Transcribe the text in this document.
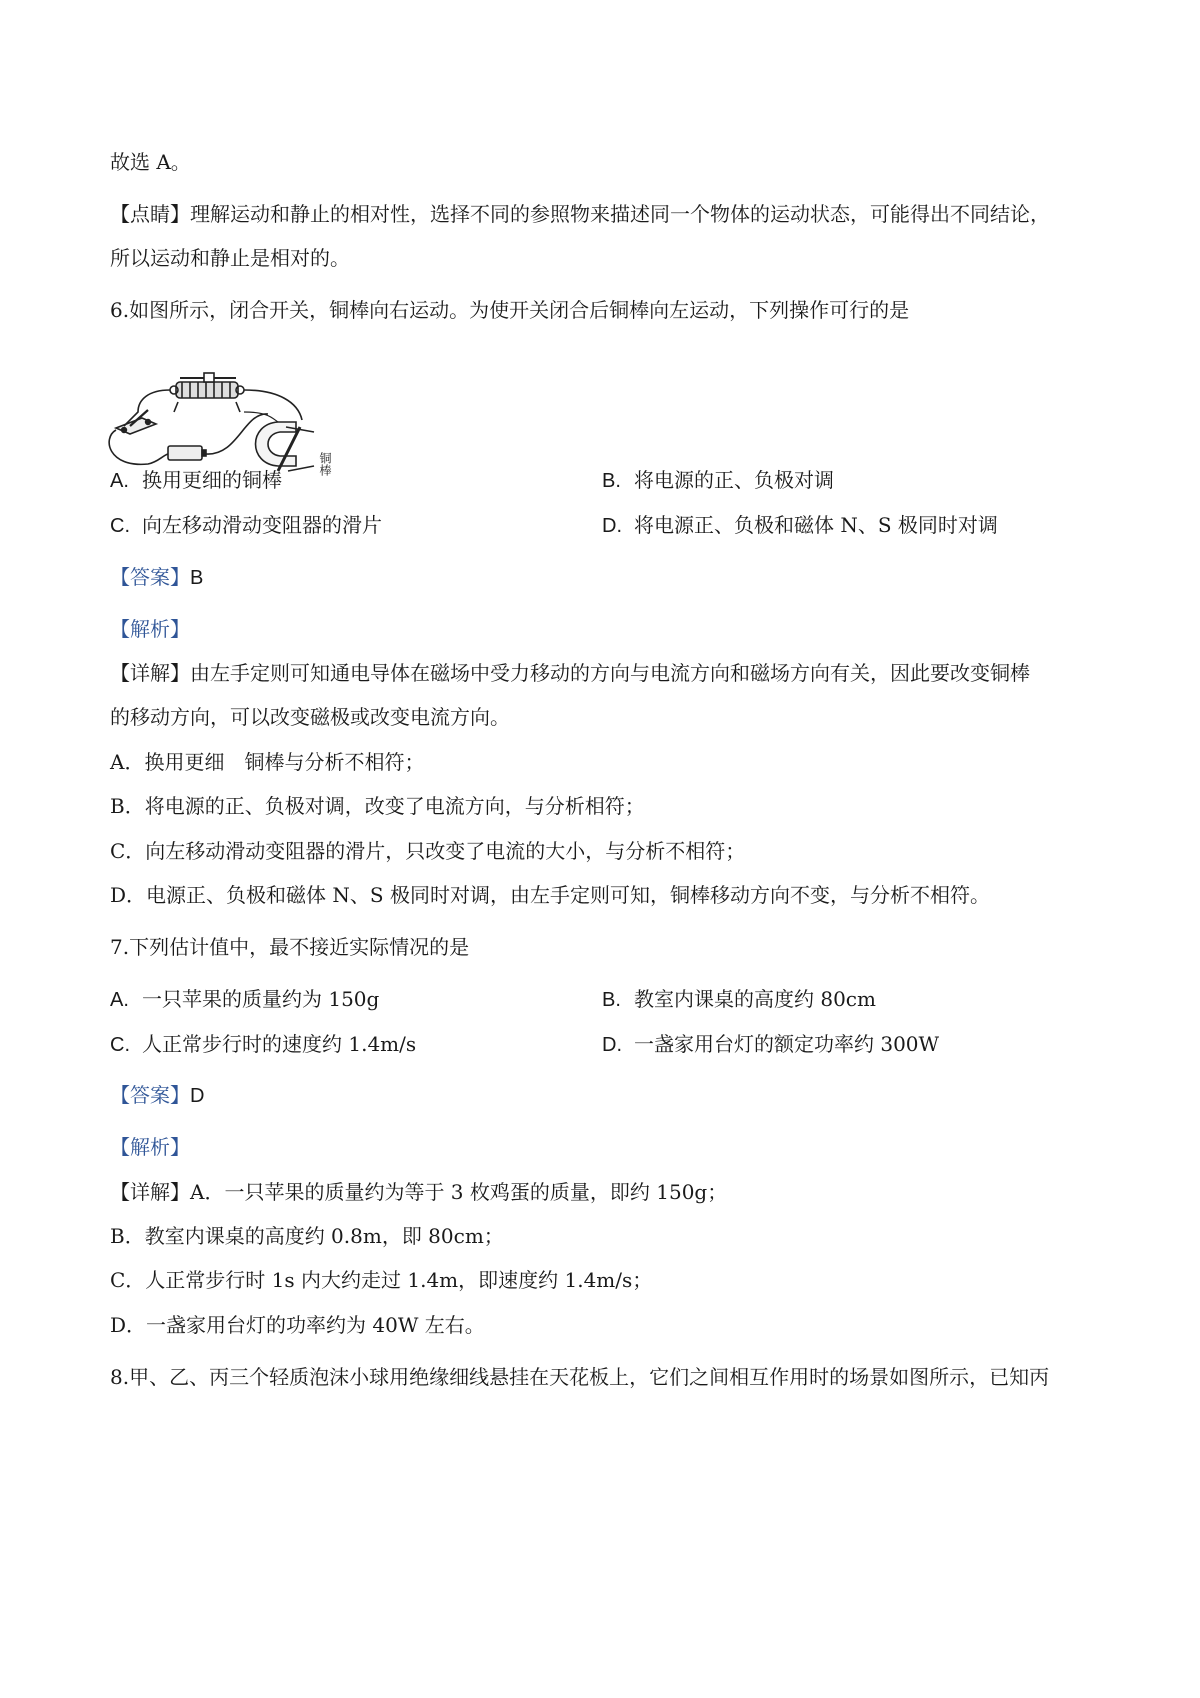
故选 A。
【点睛】理解运动和静止的相对性，选择不同的参照物来描述同一个物体的运动状态，可能得出不同结论，
所以运动和静止是相对的。
6.如图所示，闭合开关，铜棒向右运动。为使开关闭合后铜棒向左运动，下列操作可行的是
铜棒
A. 换用更细的铜棒	B. 将电源的正、负极对调
C. 向左移动滑动变阻器的滑片	D. 将电源正、负极和磁体 N、S 极同时对调
【答案】B
【解析】
【详解】由左手定则可知通电导体在磁场中受力移动的方向与电流方向和磁场方向有关，因此要改变铜棒
的移动方向，可以改变磁极或改变电流方向。
A．换用更细　铜棒与分析不相符；
B．将电源的正、负极对调，改变了电流方向，与分析相符；
C．向左移动滑动变阻器的滑片，只改变了电流的大小，与分析不相符；
D．电源正、负极和磁体 N、S 极同时对调，由左手定则可知，铜棒移动方向不变，与分析不相符。
7.下列估计值中，最不接近实际情况的是
A. 一只苹果的质量约为 150g	B. 教室内课桌的高度约 80cm
C. 人正常步行时的速度约 1.4m/s	D. 一盏家用台灯的额定功率约 300W
【答案】D
【解析】
【详解】A．一只苹果的质量约为等于 3 枚鸡蛋的质量，即约 150g；
B．教室内课桌的高度约 0.8m，即 80cm；
C．人正常步行时 1s 内大约走过 1.4m，即速度约 1.4m/s；
D．一盏家用台灯的功率约为 40W 左右。
8.甲、乙、丙三个轻质泡沫小球用绝缘细线悬挂在天花板上，它们之间相互作用时的场景如图所示，已知丙
